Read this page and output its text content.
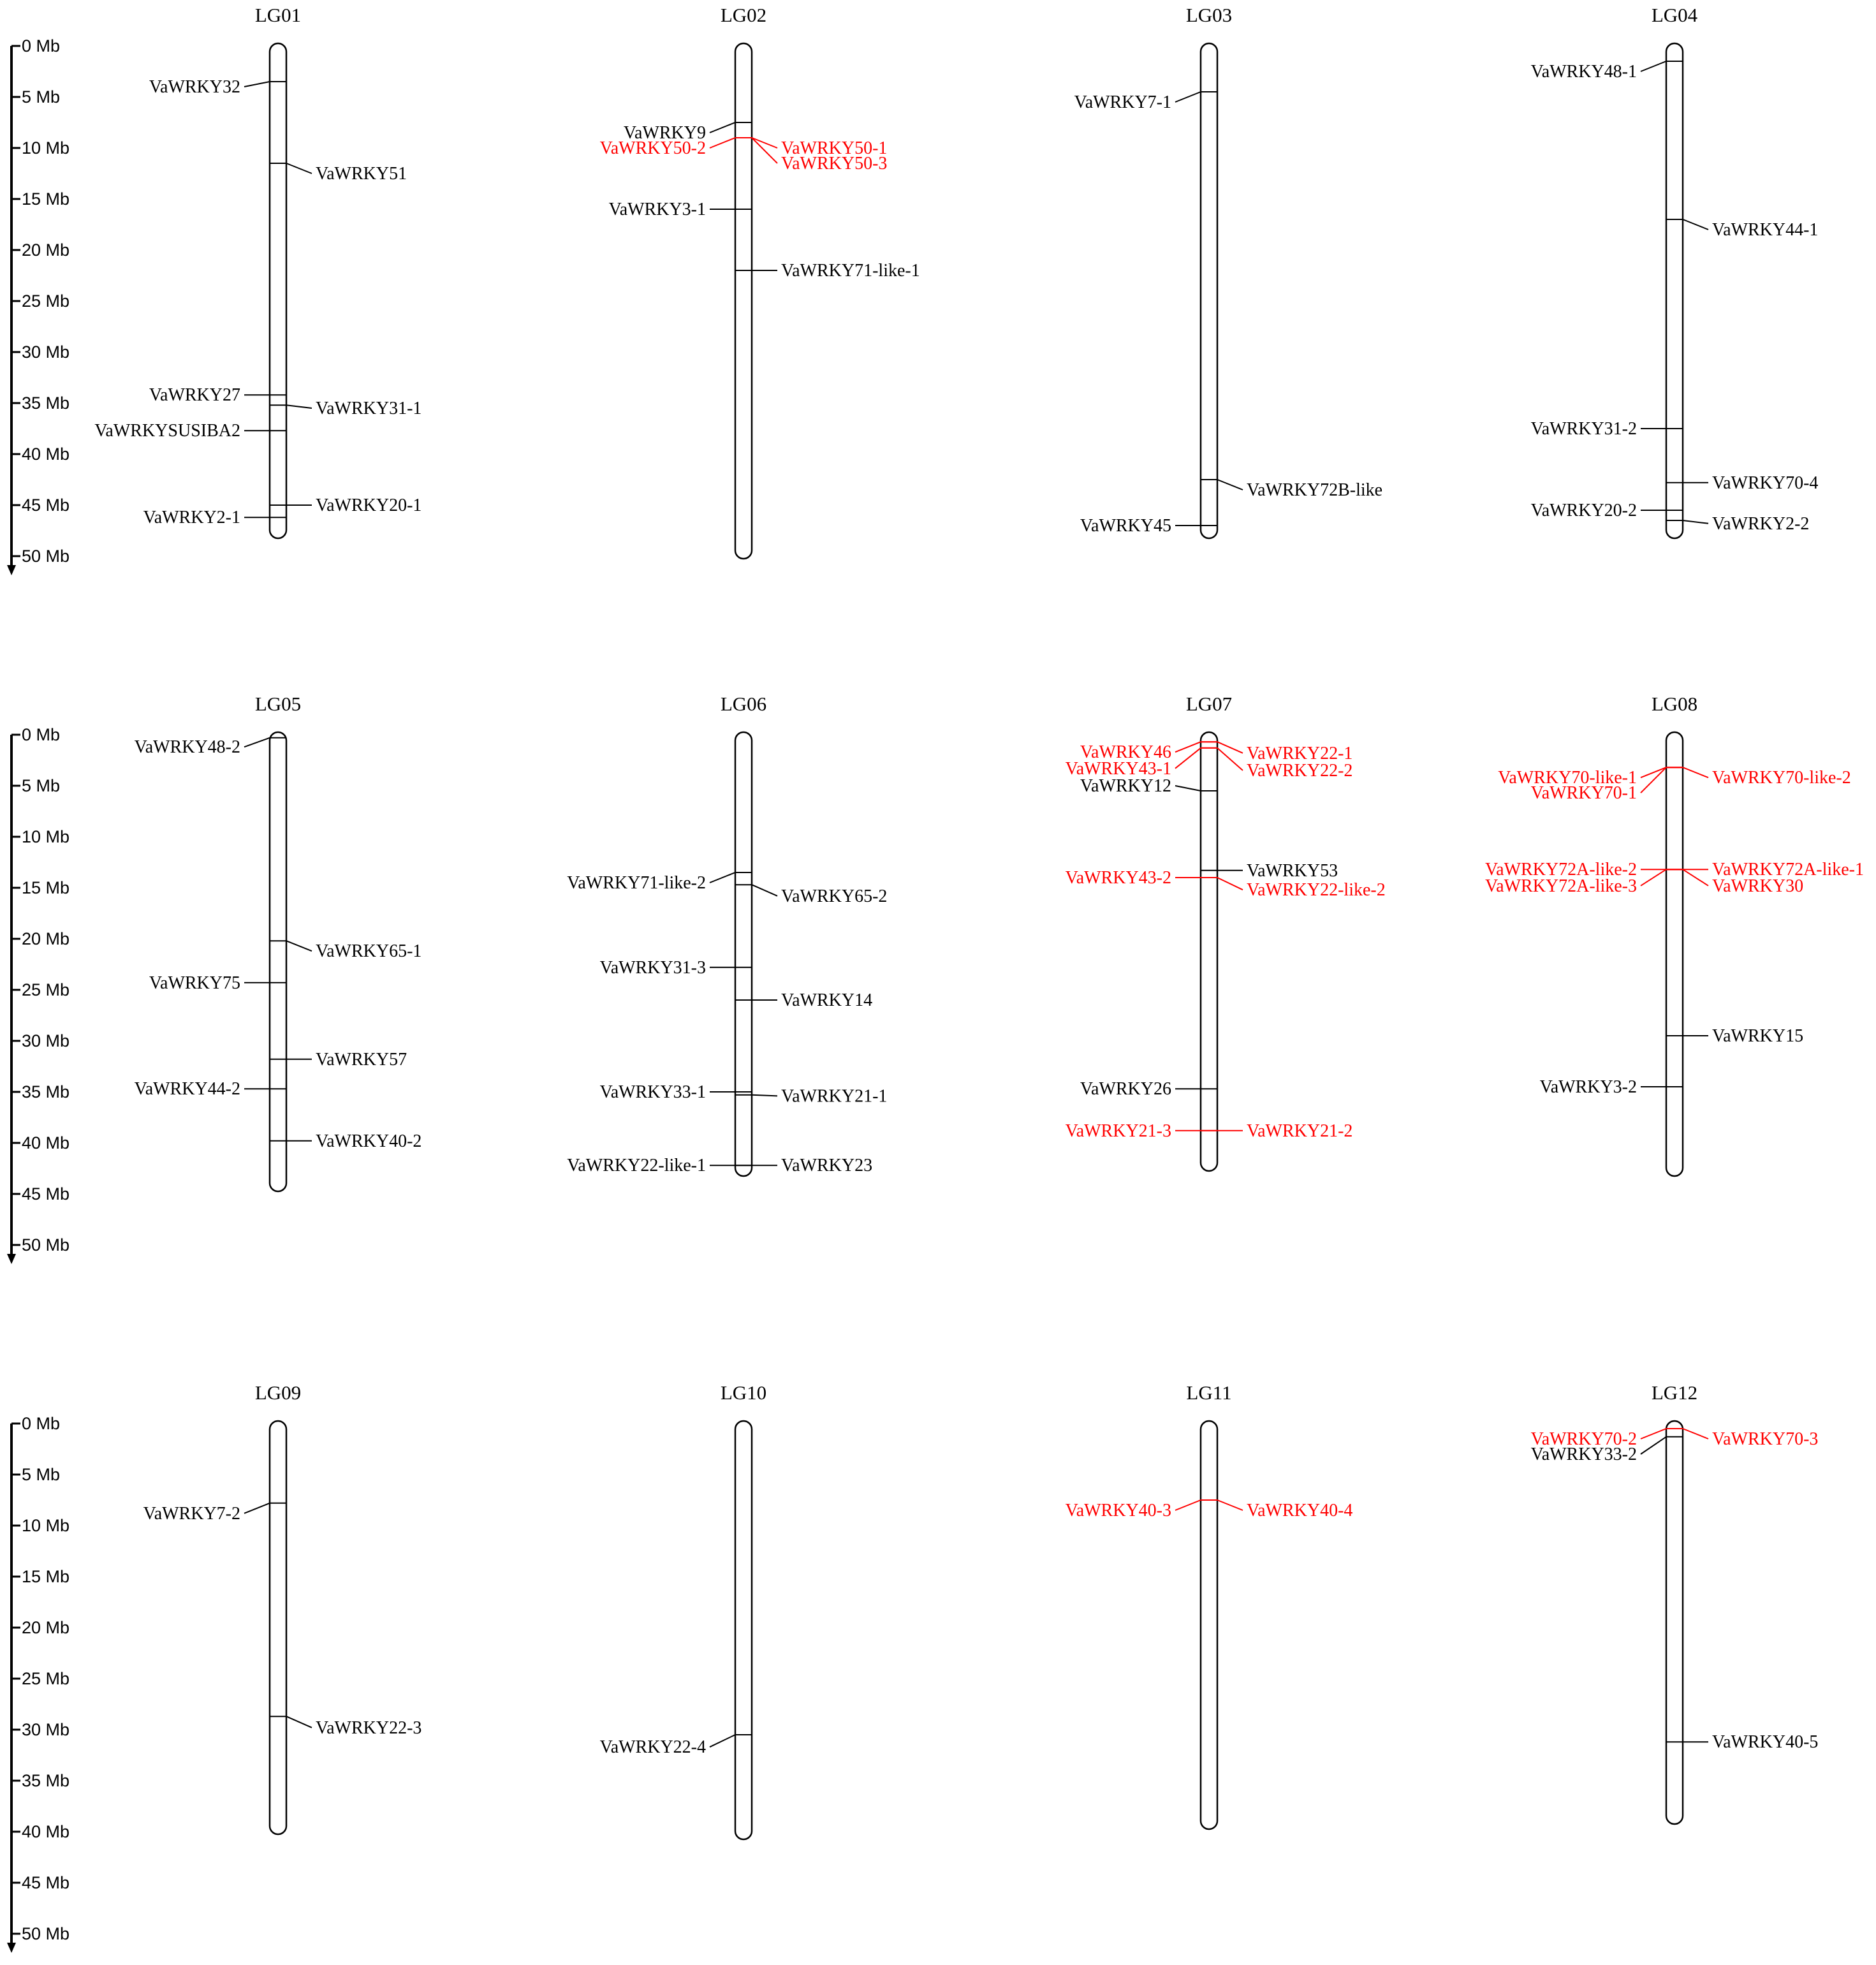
0 Mb
5 Mb
10 Mb
15 Mb
20 Mb
25 Mb
30 Mb
35 Mb
40 Mb
45 Mb
50 Mb
0 Mb
5 Mb
10 Mb
15 Mb
20 Mb
25 Mb
30 Mb
35 Mb
40 Mb
45 Mb
50 Mb
0 Mb
5 Mb
10 Mb
15 Mb
20 Mb
25 Mb
30 Mb
35 Mb
40 Mb
45 Mb
50 Mb
LG01
VaWRKY32
VaWRKY51
VaWRKY27
VaWRKY31-1
VaWRKYSUSIBA2
VaWRKY20-1
VaWRKY2-1
LG02
VaWRKY9
VaWRKY50-2	VaWRKY50-1
VaWRKY50-3
VaWRKY3-1
VaWRKY71-like-1
LG03
VaWRKY7-1
VaWRKY72B-like
VaWRKY45
LG04
VaWRKY48-1
VaWRKY44-1
VaWRKY31-2
VaWRKY70-4
VaWRKY20-2
VaWRKY2-2
LG05
VaWRKY48-2
VaWRKY65-1
VaWRKY75
VaWRKY57
VaWRKY44-2
VaWRKY40-2
LG06
VaWRKY71-like-2
VaWRKY65-2
VaWRKY31-3
VaWRKY14
VaWRKY33-1	VaWRKY21-1
VaWRKY22-like-1	VaWRKY23
LG07
VaWRKY46
VaWRKY43-1
VaWRKY22-1
VaWRKY22-2
VaWRKY12
VaWRKY53
VaWRKY43-2
VaWRKY22-like-2
VaWRKY26
VaWRKY21-3	VaWRKY21-2
LG08
VaWRKY70-like-1
VaWRKY70-1
VaWRKY70-like-2
VaWRKY72A-like-2
VaWRKY72A-like-3
VaWRKY72A-like-1
VaWRKY30
VaWRKY15
VaWRKY3-2
LG09
VaWRKY7-2
VaWRKY22-3
LG10
VaWRKY22-4
LG11
VaWRKY40-3	VaWRKY40-4
LG12
VaWRKY70-2
VaWRKY33-2
VaWRKY70-3
VaWRKY40-5
